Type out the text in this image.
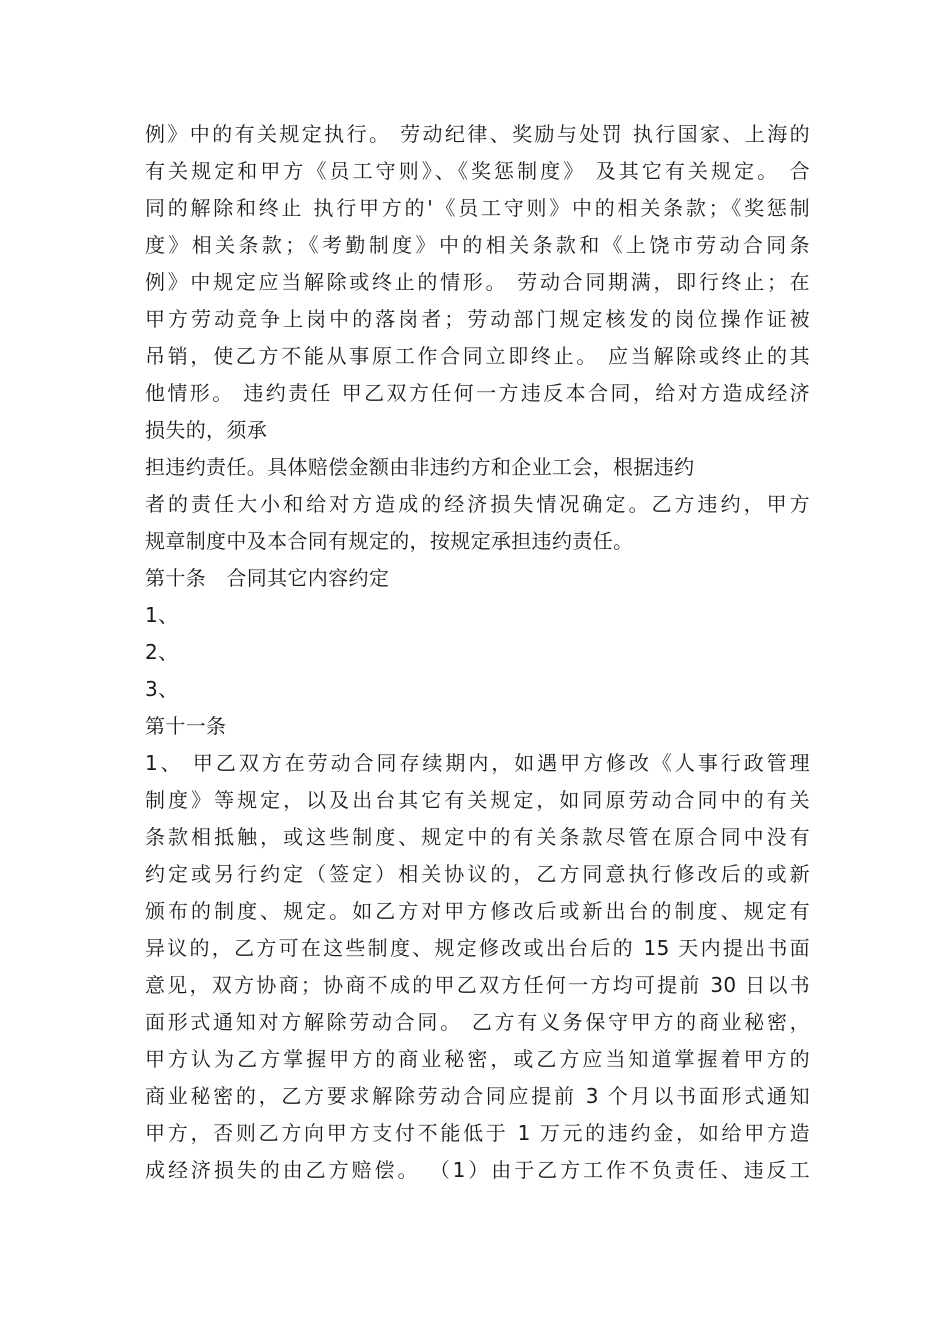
例》中的有关规定执行。 劳动纪律、奖励与处罚 执行国家、上海的
有关规定和甲方《员工守则》、《奖惩制度》 及其它有关规定。 合
同的解除和终止 执行甲方的'《员工守则》中的相关条款；《奖惩制
度》相关条款；《考勤制度》中的相关条款和《上饶市劳动合同条
例》中规定应当解除或终止的情形。 劳动合同期满，即行终止；在
甲方劳动竞争上岗中的落岗者；劳动部门规定核发的岗位操作证被
吊销，使乙方不能从事原工作合同立即终止。 应当解除或终止的其
他情形。 违约责任 甲乙双方任何一方违反本合同，给对方造成经济
损失的，须承
担违约责任。具体赔偿金额由非违约方和企业工会，根据违约
者的责任大小和给对方造成的经济损失情况确定。乙方违约，甲方
规章制度中及本合同有规定的，按规定承担违约责任。
第十条　合同其它内容约定
1、
2、
3、
第十一条
1、 甲乙双方在劳动合同存续期内，如遇甲方修改《人事行政管理
制度》等规定，以及出台其它有关规定，如同原劳动合同中的有关
条款相抵触，或这些制度、规定中的有关条款尽管在原合同中没有
约定或另行约定（签定）相关协议的，乙方同意执行修改后的或新
颁布的制度、规定。如乙方对甲方修改后或新出台的制度、规定有
异议的，乙方可在这些制度、规定修改或出台后的 15 天内提出书面
意见，双方协商；协商不成的甲乙双方任何一方均可提前 30 日以书
面形式通知对方解除劳动合同。 乙方有义务保守甲方的商业秘密，
甲方认为乙方掌握甲方的商业秘密，或乙方应当知道掌握着甲方的
商业秘密的，乙方要求解除劳动合同应提前 3 个月以书面形式通知
甲方，否则乙方向甲方支付不能低于 1 万元的违约金，如给甲方造
成经济损失的由乙方赔偿。 （1）由于乙方工作不负责任、违反工
